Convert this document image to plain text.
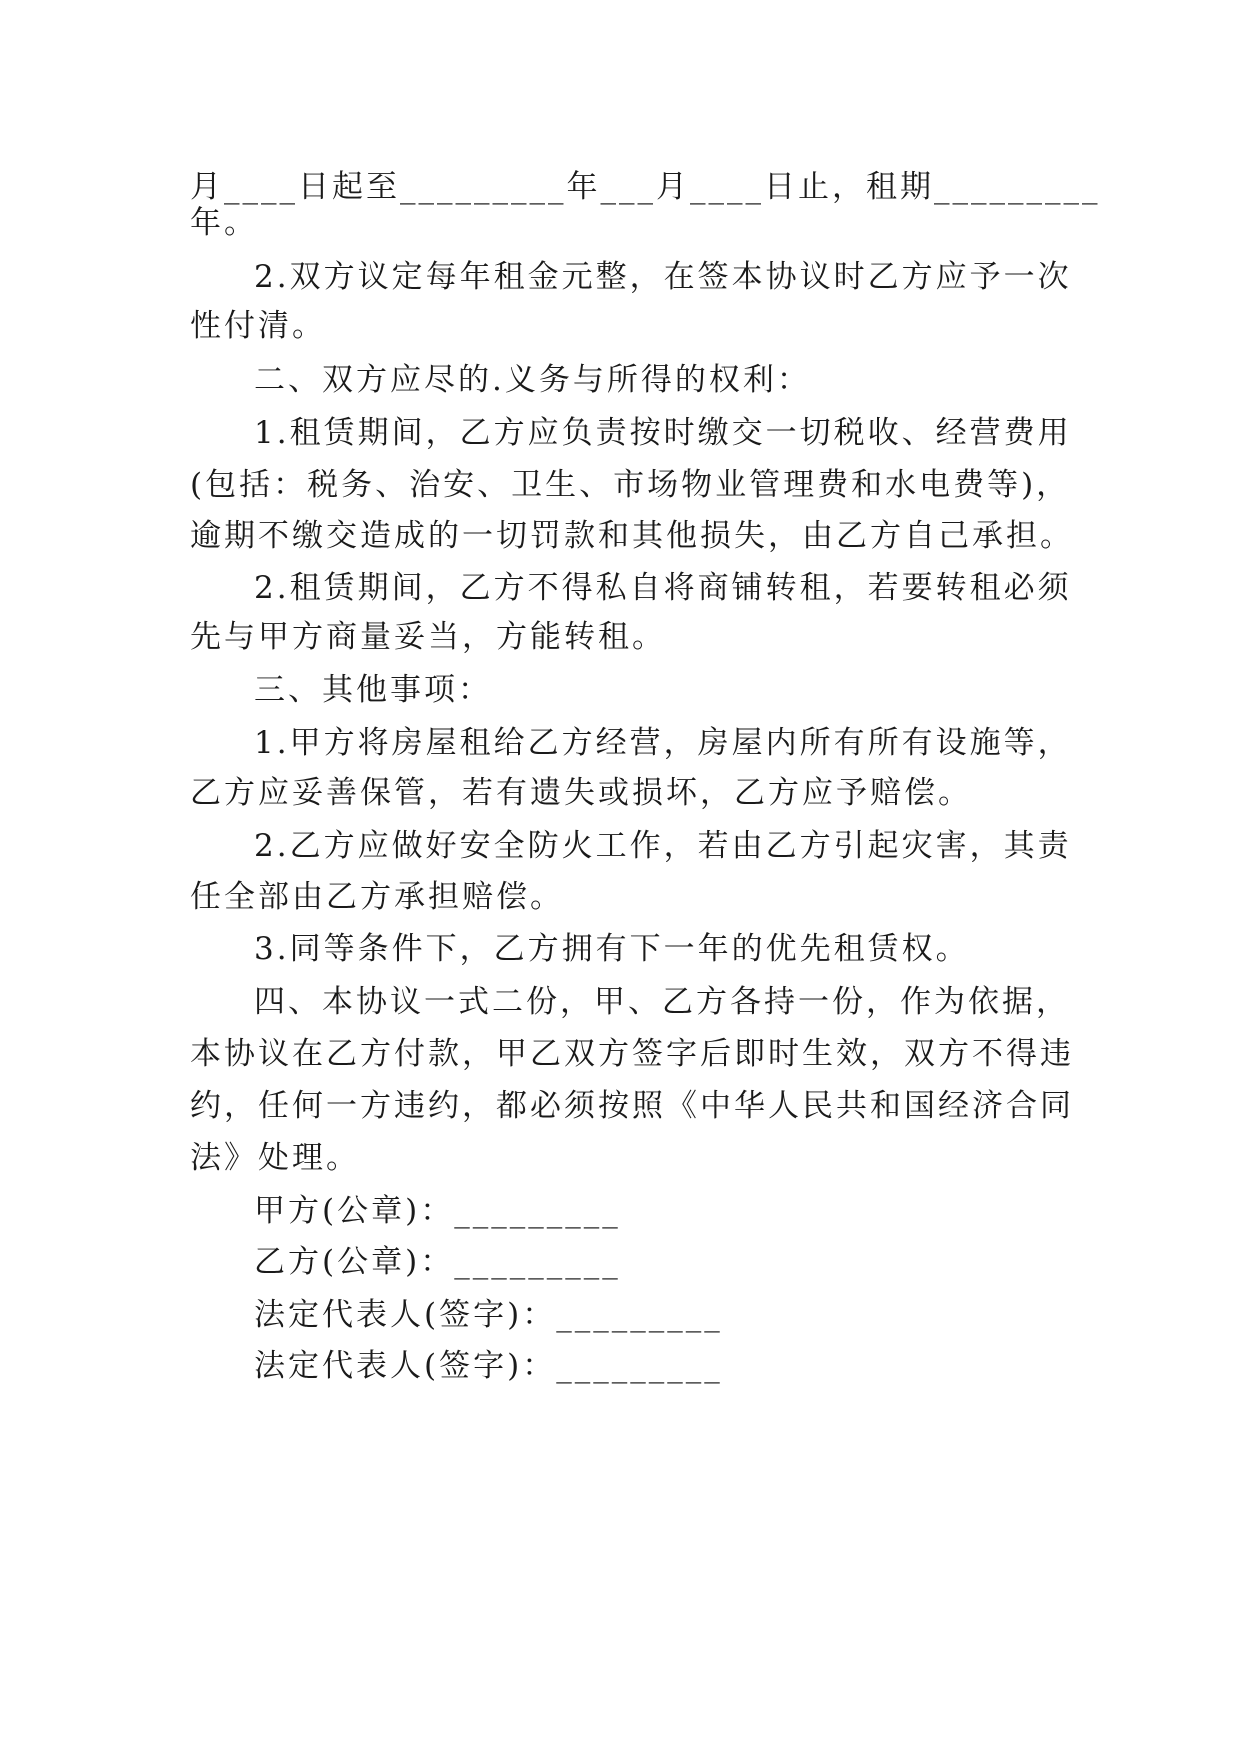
月____日起至_________年___月____日止，租期_________
年。
2.双方议定每年租金元整，在签本协议时乙方应予一次
性付清。
二、双方应尽的.义务与所得的权利：
1.租赁期间，乙方应负责按时缴交一切税收、经营费用
(包括：税务、治安、卫生、市场物业管理费和水电费等)，
逾期不缴交造成的一切罚款和其他损失，由乙方自己承担。
2.租赁期间，乙方不得私自将商铺转租，若要转租必须
先与甲方商量妥当，方能转租。
三、其他事项：
1.甲方将房屋租给乙方经营，房屋内所有所有设施等，
乙方应妥善保管，若有遗失或损坏，乙方应予赔偿。
2.乙方应做好安全防火工作，若由乙方引起灾害，其责
任全部由乙方承担赔偿。
3.同等条件下，乙方拥有下一年的优先租赁权。
四、本协议一式二份，甲、乙方各持一份，作为依据，
本协议在乙方付款，甲乙双方签字后即时生效，双方不得违
约，任何一方违约，都必须按照《中华人民共和国经济合同
法》处理。
甲方(公章)：_________
乙方(公章)：_________
法定代表人(签字)：_________
法定代表人(签字)：_________
